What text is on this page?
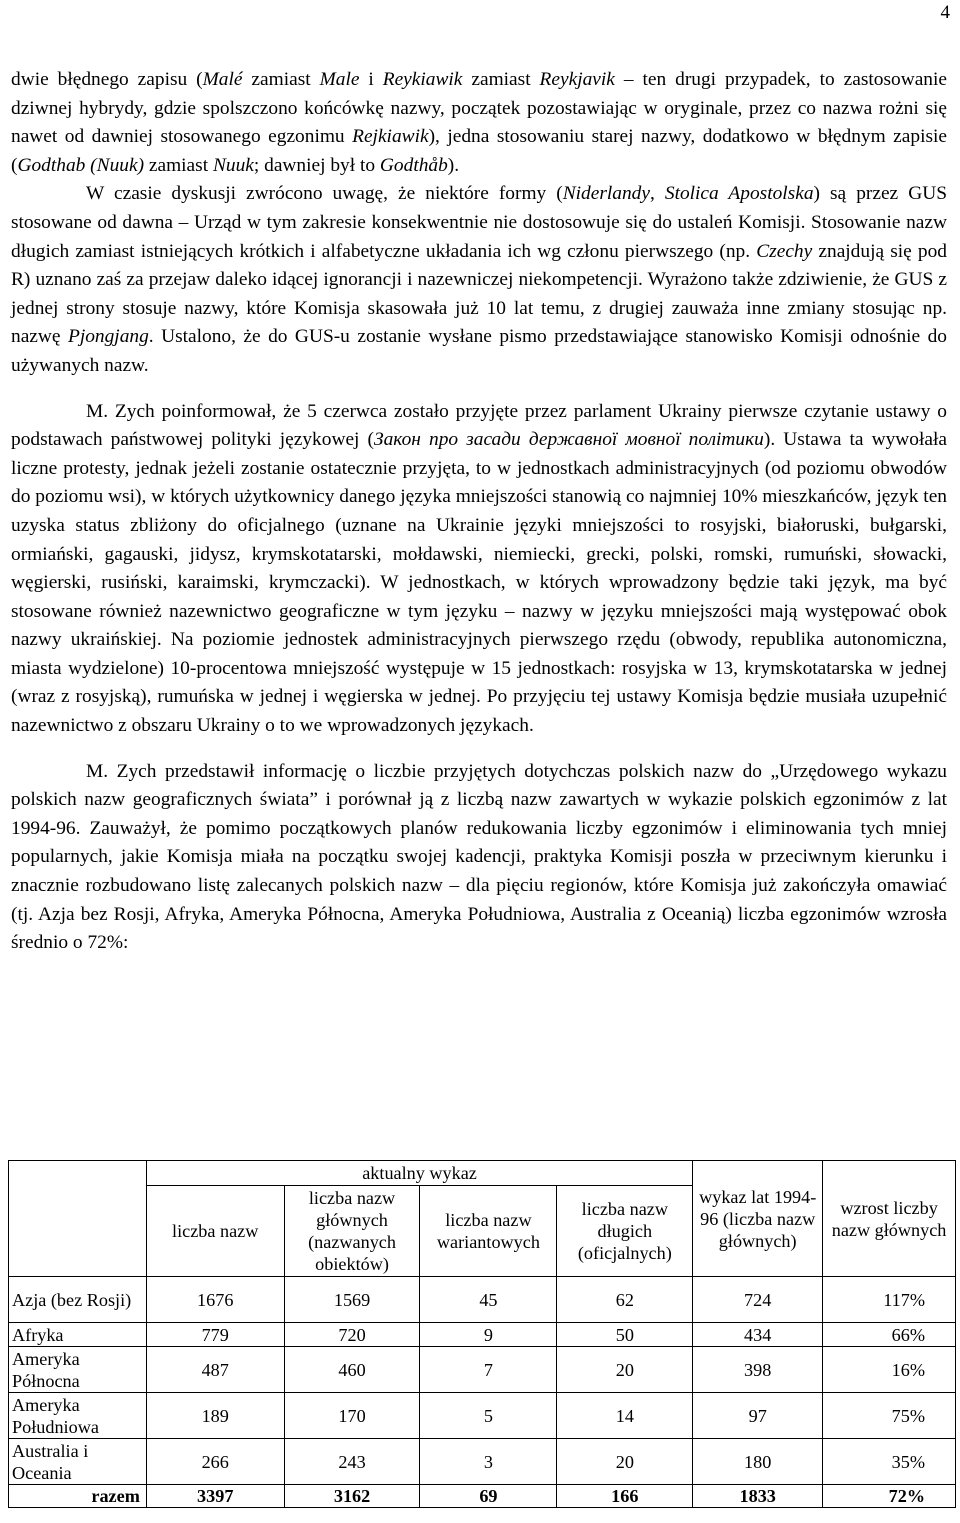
4

dwie błędnego zapisu (Malé zamiast Male i Reykiawik zamiast Reykjavik – ten drugi przypadek, to zastosowanie dziwnej hybrydy, gdzie spolszczono końcówkę nazwy, początek pozostawiając w oryginale, przez co nazwa rożni się nawet od dawniej stosowanego egzonimu Rejkiawik), jedna stosowaniu starej nazwy, dodatkowo w błędnym zapisie (Godthab (Nuuk) zamiast Nuuk; dawniej był to Godthåb).

W czasie dyskusji zwrócono uwagę, że niektóre formy (Niderlandy, Stolica Apostolska) są przez GUS stosowane od dawna – Urząd w tym zakresie konsekwentnie nie dostosowuje się do ustaleń Komisji. Stosowanie nazw długich zamiast istniejących krótkich i alfabetyczne układania ich wg członu pierwszego (np. Czechy znajdują się pod R) uznano zaś za przejaw daleko idącej ignorancji i nazewniczej niekompetencji. Wyrażono także zdziwienie, że GUS z jednej strony stosuje nazwy, które Komisja skasowała już 10 lat temu, z drugiej zauważa inne zmiany stosując np. nazwę Pjongjang. Ustalono, że do GUS-u zostanie wysłane pismo przedstawiające stanowisko Komisji odnośnie do używanych nazw.

M. Zych poinformował, że 5 czerwca zostało przyjęte przez parlament Ukrainy pierwsze czytanie ustawy o podstawach państwowej polityki językowej (Закон про засади державної мовної політики). Ustawa ta wywołała liczne protesty, jednak jeżeli zostanie ostatecznie przyjęta, to w jednostkach administracyjnych (od poziomu obwodów do poziomu wsi), w których użytkownicy danego języka mniejszości stanowią co najmniej 10% mieszkańców, język ten uzyska status zbliżony do oficjalnego (uznane na Ukrainie języki mniejszości to rosyjski, białoruski, bułgarski, ormiański, gagauski, jidysz, krymskotatarski, mołdawski, niemiecki, grecki, polski, romski, rumuński, słowacki, węgierski, rusiński, karaimski, krymczacki). W jednostkach, w których wprowadzony będzie taki język, ma być stosowane również nazewnictwo geograficzne w tym języku – nazwy w języku mniejszości mają występować obok nazwy ukraińskiej. Na poziomie jednostek administracyjnych pierwszego rzędu (obwody, republika autonomiczna, miasta wydzielone) 10-procentowa mniejszość występuje w 15 jednostkach: rosyjska w 13, krymskotatarska w jednej (wraz z rosyjską), rumuńska w jednej i węgierska w jednej. Po przyjęciu tej ustawy Komisja będzie musiała uzupełnić nazewnictwo z obszaru Ukrainy o to we wprowadzonych językach.

M. Zych przedstawił informację o liczbie przyjętych dotychczas polskich nazw do „Urzędowego wykazu polskich nazw geograficznych świata” i porównał ją z liczbą nazw zawartych w wykazie polskich egzonimów z lat 1994-96. Zauważył, że pomimo początkowych planów redukowania liczby egzonimów i eliminowania tych mniej popularnych, jakie Komisja miała na początku swojej kadencji, praktyka Komisji poszła w przeciwnym kierunku i znacznie rozbudowano listę zalecanych polskich nazw – dla pięciu regionów, które Komisja już zakończyła omawiać (tj. Azja bez Rosji, Afryka, Ameryka Północna, Ameryka Południowa, Australia z Oceanią) liczba egzonimów wzrosła średnio o 72%:

	aktualny wykaz				wykaz lat 1994-96 (liczba nazw głównych)	wzrost liczby nazw głównych
	liczba nazw	liczba nazw głównych (nazwanych obiektów)	liczba nazw wariantowych	liczba nazw długich (oficjalnych)		
Azja (bez Rosji)	1676	1569	45	62	724	117%
Afryka	779	720	9	50	434	66%
Ameryka Północna	487	460	7	20	398	16%
Ameryka Południowa	189	170	5	14	97	75%
Australia i Oceania	266	243	3	20	180	35%
razem	3397	3162	69	166	1833	72%
